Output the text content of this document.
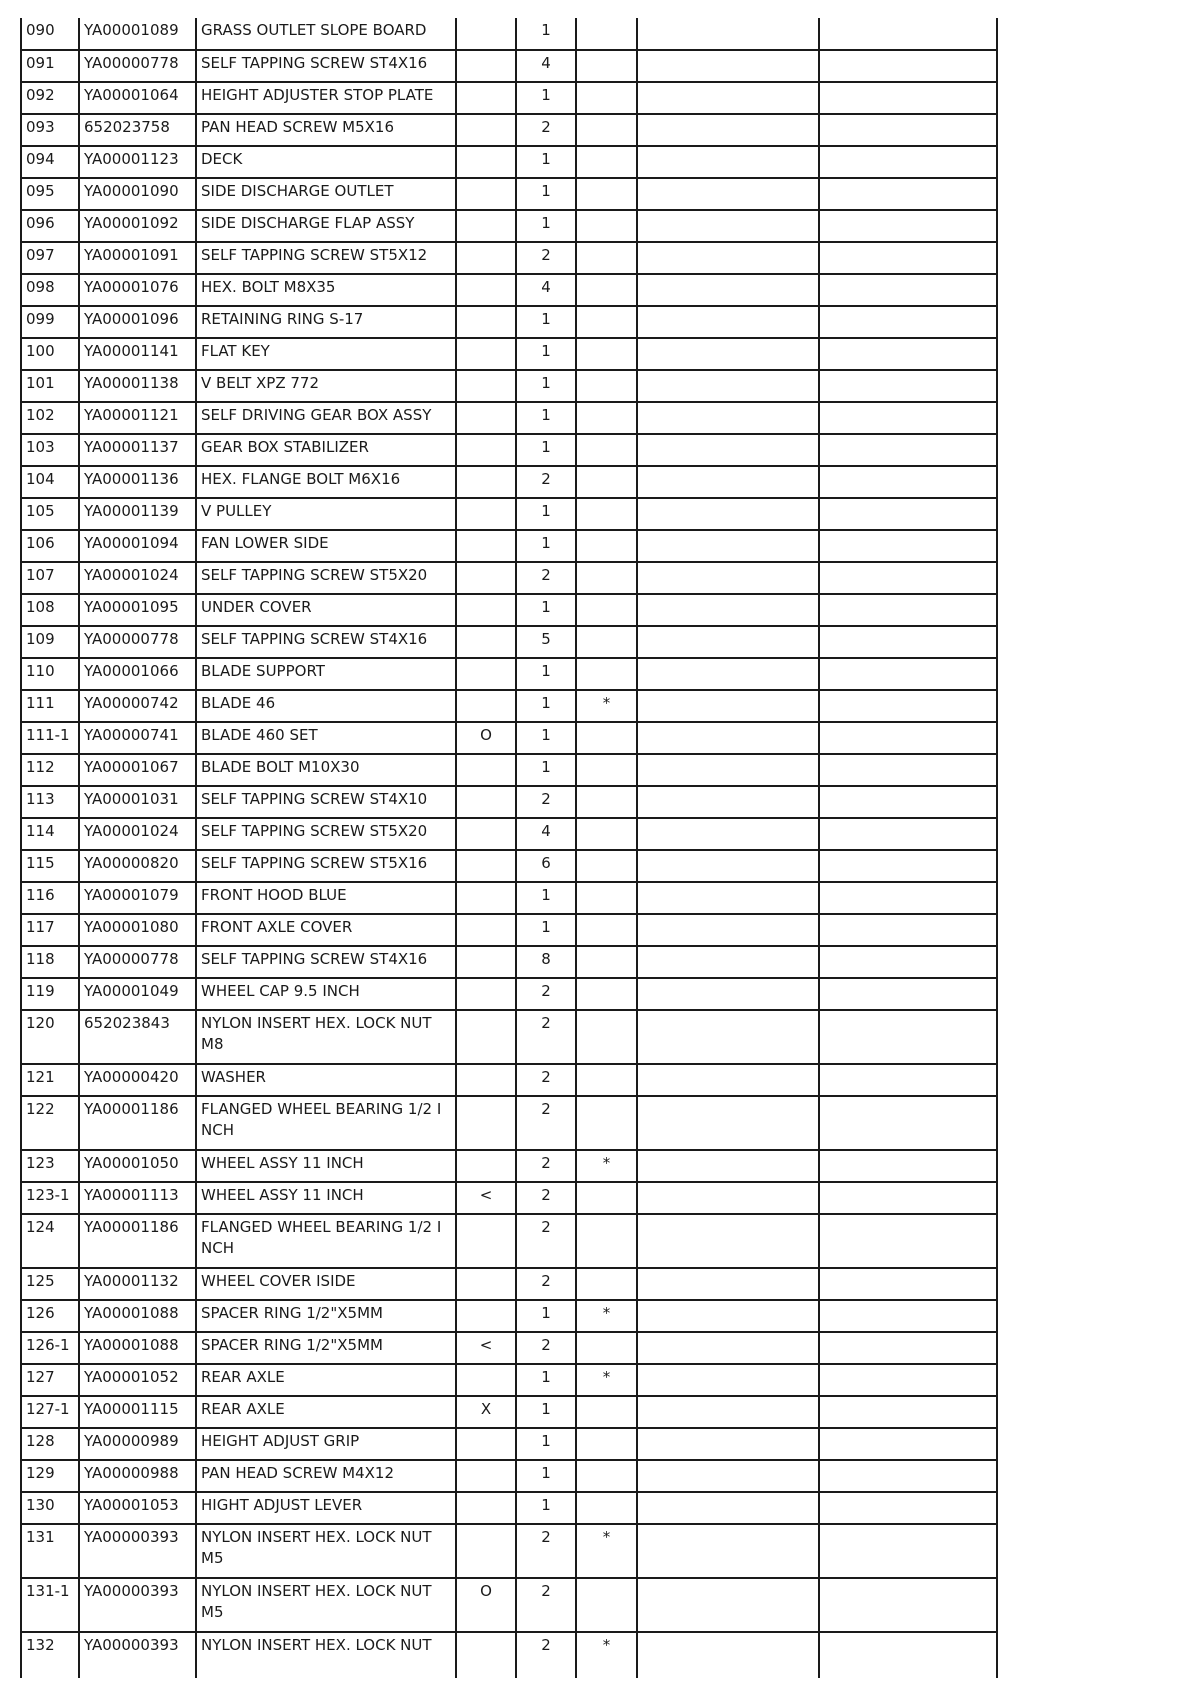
090	YA00001089	GRASS OUTLET SLOPE BOARD		1			
091	YA00000778	SELF TAPPING SCREW ST4X16		4			
092	YA00001064	HEIGHT ADJUSTER STOP PLATE		1			
093	652023758	PAN HEAD SCREW M5X16		2			
094	YA00001123	DECK		1			
095	YA00001090	SIDE DISCHARGE OUTLET		1			
096	YA00001092	SIDE DISCHARGE FLAP ASSY		1			
097	YA00001091	SELF TAPPING SCREW ST5X12		2			
098	YA00001076	HEX. BOLT M8X35		4			
099	YA00001096	RETAINING RING S-17		1			
100	YA00001141	FLAT KEY		1			
101	YA00001138	V BELT XPZ 772		1			
102	YA00001121	SELF DRIVING GEAR BOX ASSY		1			
103	YA00001137	GEAR BOX STABILIZER		1			
104	YA00001136	HEX. FLANGE BOLT M6X16		2			
105	YA00001139	V PULLEY		1			
106	YA00001094	FAN LOWER SIDE		1			
107	YA00001024	SELF TAPPING SCREW ST5X20		2			
108	YA00001095	UNDER COVER		1			
109	YA00000778	SELF TAPPING SCREW ST4X16		5			
110	YA00001066	BLADE SUPPORT		1			
111	YA00000742	BLADE 46		1	*		
111-1	YA00000741	BLADE 460 SET	O	1			
112	YA00001067	BLADE BOLT M10X30		1			
113	YA00001031	SELF TAPPING SCREW ST4X10		2			
114	YA00001024	SELF TAPPING SCREW ST5X20		4			
115	YA00000820	SELF TAPPING SCREW ST5X16		6			
116	YA00001079	FRONT HOOD BLUE		1			
117	YA00001080	FRONT AXLE COVER		1			
118	YA00000778	SELF TAPPING SCREW ST4X16		8			
119	YA00001049	WHEEL CAP 9.5 INCH		2			
120	652023843	NYLON INSERT HEX. LOCK NUT M8		2			
121	YA00000420	WASHER		2			
122	YA00001186	FLANGED WHEEL BEARING 1/2 I NCH		2			
123	YA00001050	WHEEL ASSY 11 INCH		2	*		
123-1	YA00001113	WHEEL ASSY 11 INCH	<	2			
124	YA00001186	FLANGED WHEEL BEARING 1/2 I NCH		2			
125	YA00001132	WHEEL COVER ISIDE		2			
126	YA00001088	SPACER RING 1/2"X5MM		1	*		
126-1	YA00001088	SPACER RING 1/2"X5MM	<	2			
127	YA00001052	REAR AXLE		1	*		
127-1	YA00001115	REAR AXLE	X	1			
128	YA00000989	HEIGHT ADJUST GRIP		1			
129	YA00000988	PAN HEAD SCREW M4X12		1			
130	YA00001053	HIGHT ADJUST LEVER		1			
131	YA00000393	NYLON INSERT HEX. LOCK NUT M5		2	*		
131-1	YA00000393	NYLON INSERT HEX. LOCK NUT M5	O	2			
132	YA00000393	NYLON INSERT HEX. LOCK NUT		2	*		
